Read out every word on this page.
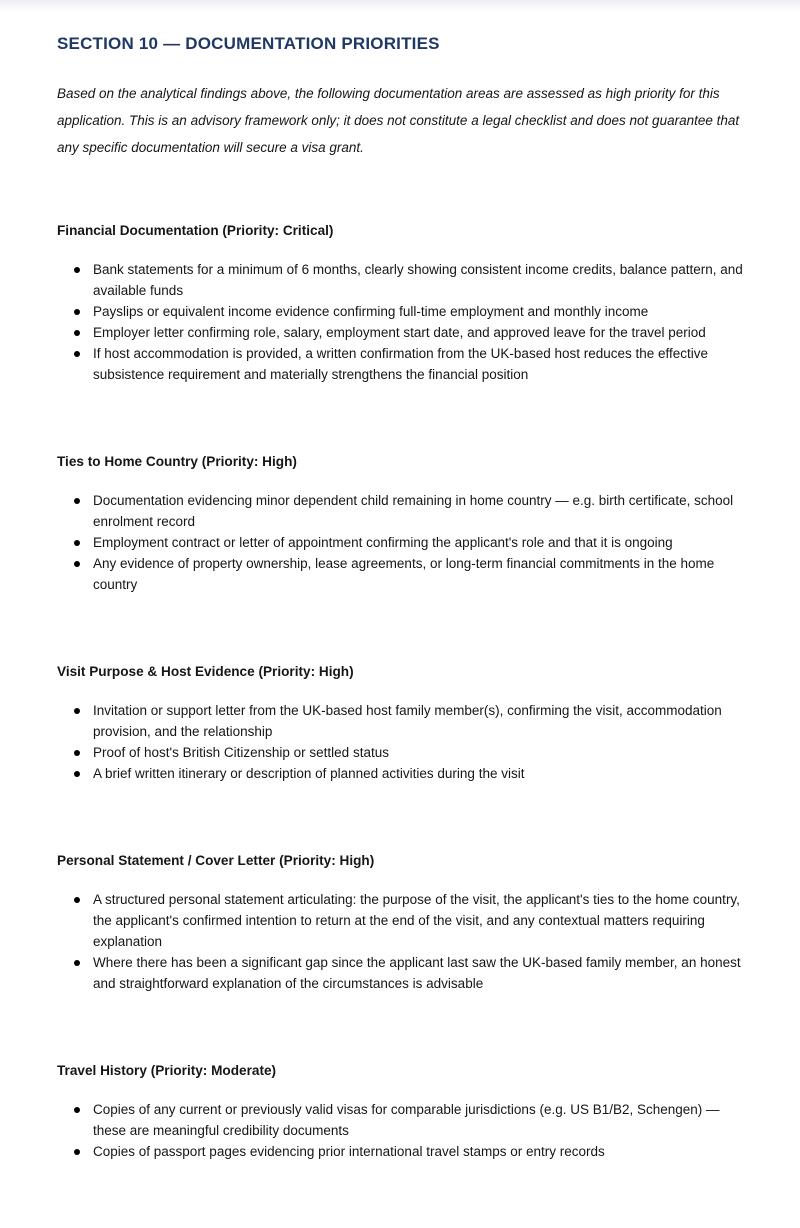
SECTION 10 — DOCUMENTATION PRIORITIES

Based on the analytical findings above, the following documentation areas are assessed as high priority for this application. This is an advisory framework only; it does not constitute a legal checklist and does not guarantee that any specific documentation will secure a visa grant.

Financial Documentation (Priority: Critical)
Bank statements for a minimum of 6 months, clearly showing consistent income credits, balance pattern, and available funds
Payslips or equivalent income evidence confirming full-time employment and monthly income
Employer letter confirming role, salary, employment start date, and approved leave for the travel period
If host accommodation is provided, a written confirmation from the UK-based host reduces the effective subsistence requirement and materially strengthens the financial position
Ties to Home Country (Priority: High)
Documentation evidencing minor dependent child remaining in home country — e.g. birth certificate, school enrolment record
Employment contract or letter of appointment confirming the applicant's role and that it is ongoing
Any evidence of property ownership, lease agreements, or long-term financial commitments in the home country
Visit Purpose & Host Evidence (Priority: High)
Invitation or support letter from the UK-based host family member(s), confirming the visit, accommodation provision, and the relationship
Proof of host's British Citizenship or settled status
A brief written itinerary or description of planned activities during the visit
Personal Statement / Cover Letter (Priority: High)
A structured personal statement articulating: the purpose of the visit, the applicant's ties to the home country, the applicant's confirmed intention to return at the end of the visit, and any contextual matters requiring explanation
Where there has been a significant gap since the applicant last saw the UK-based family member, an honest and straightforward explanation of the circumstances is advisable
Travel History (Priority: Moderate)
Copies of any current or previously valid visas for comparable jurisdictions (e.g. US B1/B2, Schengen) — these are meaningful credibility documents
Copies of passport pages evidencing prior international travel stamps or entry records
